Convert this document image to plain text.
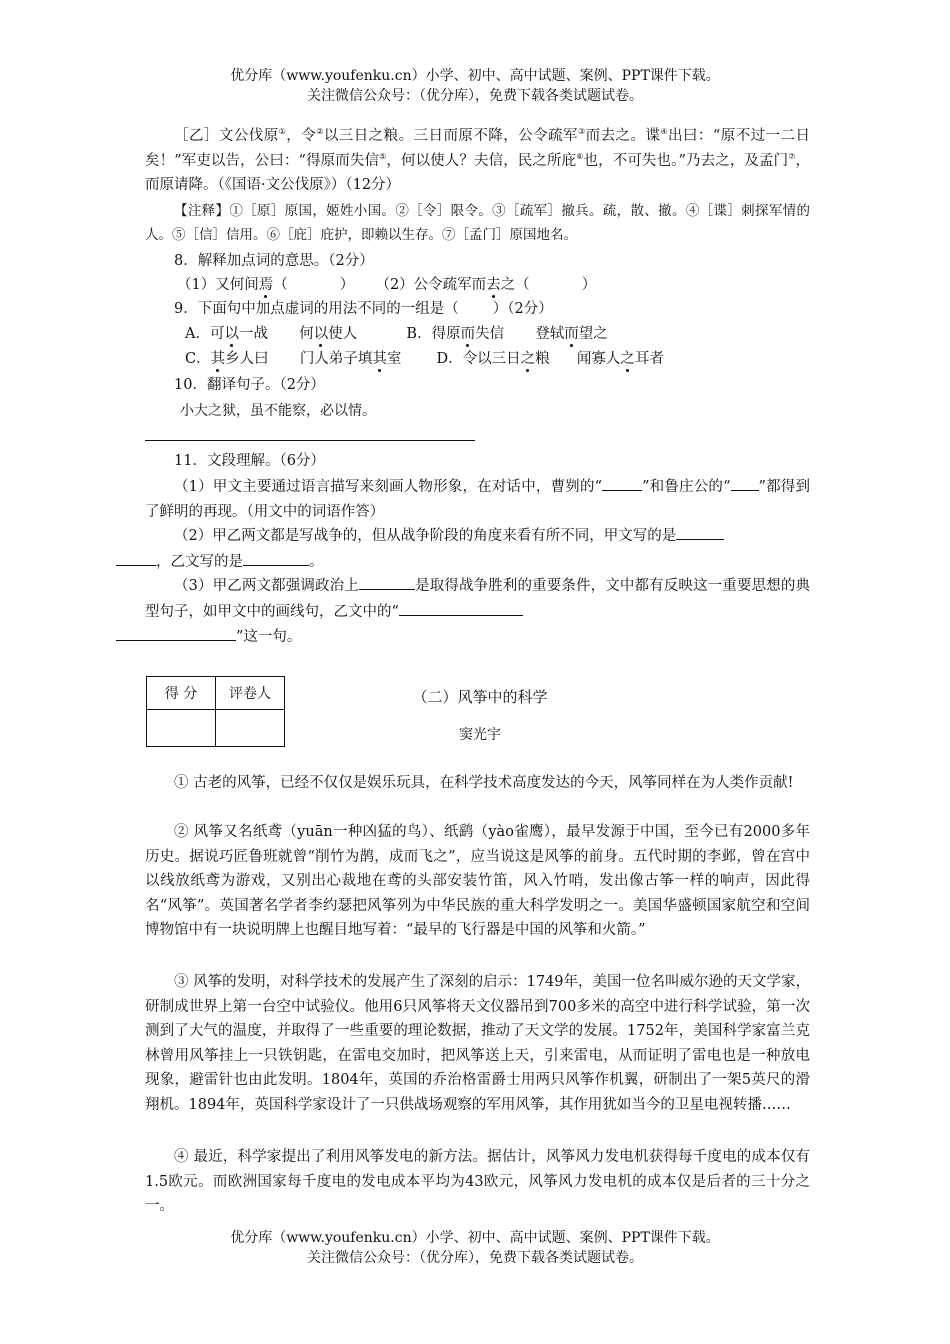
优分库（www.youfenku.cn）小学、初中、高中试题、案例、PPT课件下载。
关注微信公众号：（优分库），免费下载各类试题试卷。
［乙］文公伐原①，令②以三日之粮。三日而原不降，公令疏军③而去之。谍④出曰：“原不过一二日矣！”军吏以告，公曰：“得原而失信⑤，何以使人？夫信，民之所庇⑥也，不可失也。”乃去之，及孟门⑦，而原请降。（《国语·文公伐原》）（12分）
【注释】①［原］原国，姬姓小国。②［令］限令。③［疏军］撤兵。疏，散、撤。④［谍］刺探军情的人。⑤［信］信用。⑥［庇］庇护，即赖以生存。⑦［孟门］原国地名。
8．解释加点词的意思。（2分）
（1）又何间焉（	） （2）公令疏军而去之（	）
9．下面句中加点虚词的用法不同的一组是（ ）（2分）
A．可以一战 何以使人	B．得原而失信 登轼而望之
C．其乡人曰 门人弟子填其室 D．令以三日之粮 闻寡人之耳者
10．翻译句子。（2分）
小大之狱，虽不能察，必以情。
11．文段理解。（6分）
（1）甲文主要通过语言描写来刻画人物形象，在对话中，曹刿的“	”和鲁庄公的“ ”都得到了鲜明的再现。（用文中的词语作答）
（2）甲乙两文都是写战争的，但从战争阶段的角度来看有所不同，甲文写的是
，乙文写的是	。
（3）甲乙两文都强调政治上	是取得战争胜利的重要条件，文中都有反映这一重要思想的典型句子，如甲文中的画线句，乙文中的“
”这一句。
得 分	评卷人
		（二）风筝中的科学
窦光宇
① 古老的风筝，已经不仅仅是娱乐玩具，在科学技术高度发达的今天，风筝同样在为人类作贡献!
② 风筝又名纸鸢（yuān一种凶猛的鸟）、纸鹞（yào雀鹰），最早发源于中国，至今已有2000多年历史。据说巧匠鲁班就曾“削竹为鹊，成而飞之”，应当说这是风筝的前身。五代时期的李邺，曾在宫中以线放纸鸢为游戏，又别出心裁地在鸢的头部安装竹笛，风入竹哨，发出像古筝一样的响声，因此得名“风筝”。英国著名学者李约瑟把风筝列为中华民族的重大科学发明之一。美国华盛顿国家航空和空间博物馆中有一块说明牌上也醒目地写着：“最早的飞行器是中国的风筝和火箭。”
③ 风筝的发明，对科学技术的发展产生了深刻的启示：1749年，美国一位名叫威尔逊的天文学家，研制成世界上第一台空中试验仪。他用6只风筝将天文仪器吊到700多米的高空中进行科学试验，第一次测到了大气的温度，并取得了一些重要的理论数据，推动了天文学的发展。1752年，美国科学家富兰克林曾用风筝挂上一只铁钥匙，在雷电交加时，把风筝送上天，引来雷电，从而证明了雷电也是一种放电现象，避雷针也由此发明。1804年，英国的乔治格雷爵士用两只风筝作机翼，研制出了一架5英尺的滑翔机。1894年，英国科学家设计了一只供战场观察的军用风筝，其作用犹如当今的卫星电视转播……
④ 最近，科学家提出了利用风筝发电的新方法。据估计，风筝风力发电机获得每千度电的成本仅有1.5欧元。而欧洲国家每千度电的发电成本平均为43欧元，风筝风力发电机的成本仅是后者的三十分之一。
优分库（www.youfenku.cn）小学、初中、高中试题、案例、PPT课件下载。
关注微信公众号：（优分库），免费下载各类试题试卷。
